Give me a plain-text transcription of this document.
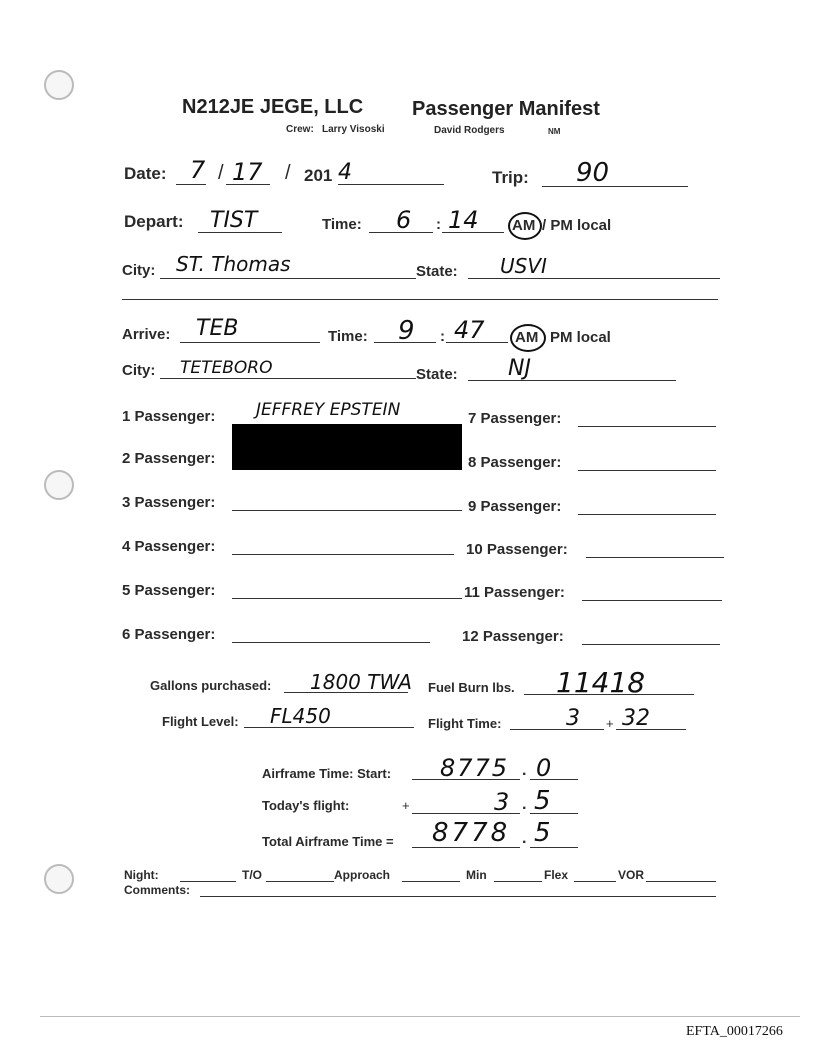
N212JE JEGE, LLC Passenger Manifest
Crew: Larry Visoski	David Rodgers	NM
Date: 7 / 17 / 201 4	Trip: 90
Depart: TIST	Time: 6 : 14 AM / PM local
City: ST. Thomas	State: USVI
Arrive: TEB	Time: 9 : 47 AM PM local
City: TETEBORO	State: NJ
1 Passenger: JEFFREY EPSTEIN
2 Passenger:
3 Passenger:
4 Passenger:
5 Passenger:
6 Passenger:
7 Passenger:
8 Passenger:
9 Passenger:
10 Passenger:
11 Passenger:
12 Passenger:
Gallons purchased: 1800 TWA Fuel Burn lbs. 11418
Flight Level: FL450	Flight Time:	3 + 32
Airframe Time: Start: 8775 . 0
Today's flight:	+	3 . 5
Total Airframe Time = 8778 . 5
Night:	T/O	Approach	Min	Flex	VOR
Comments:
EFTA_00017266
